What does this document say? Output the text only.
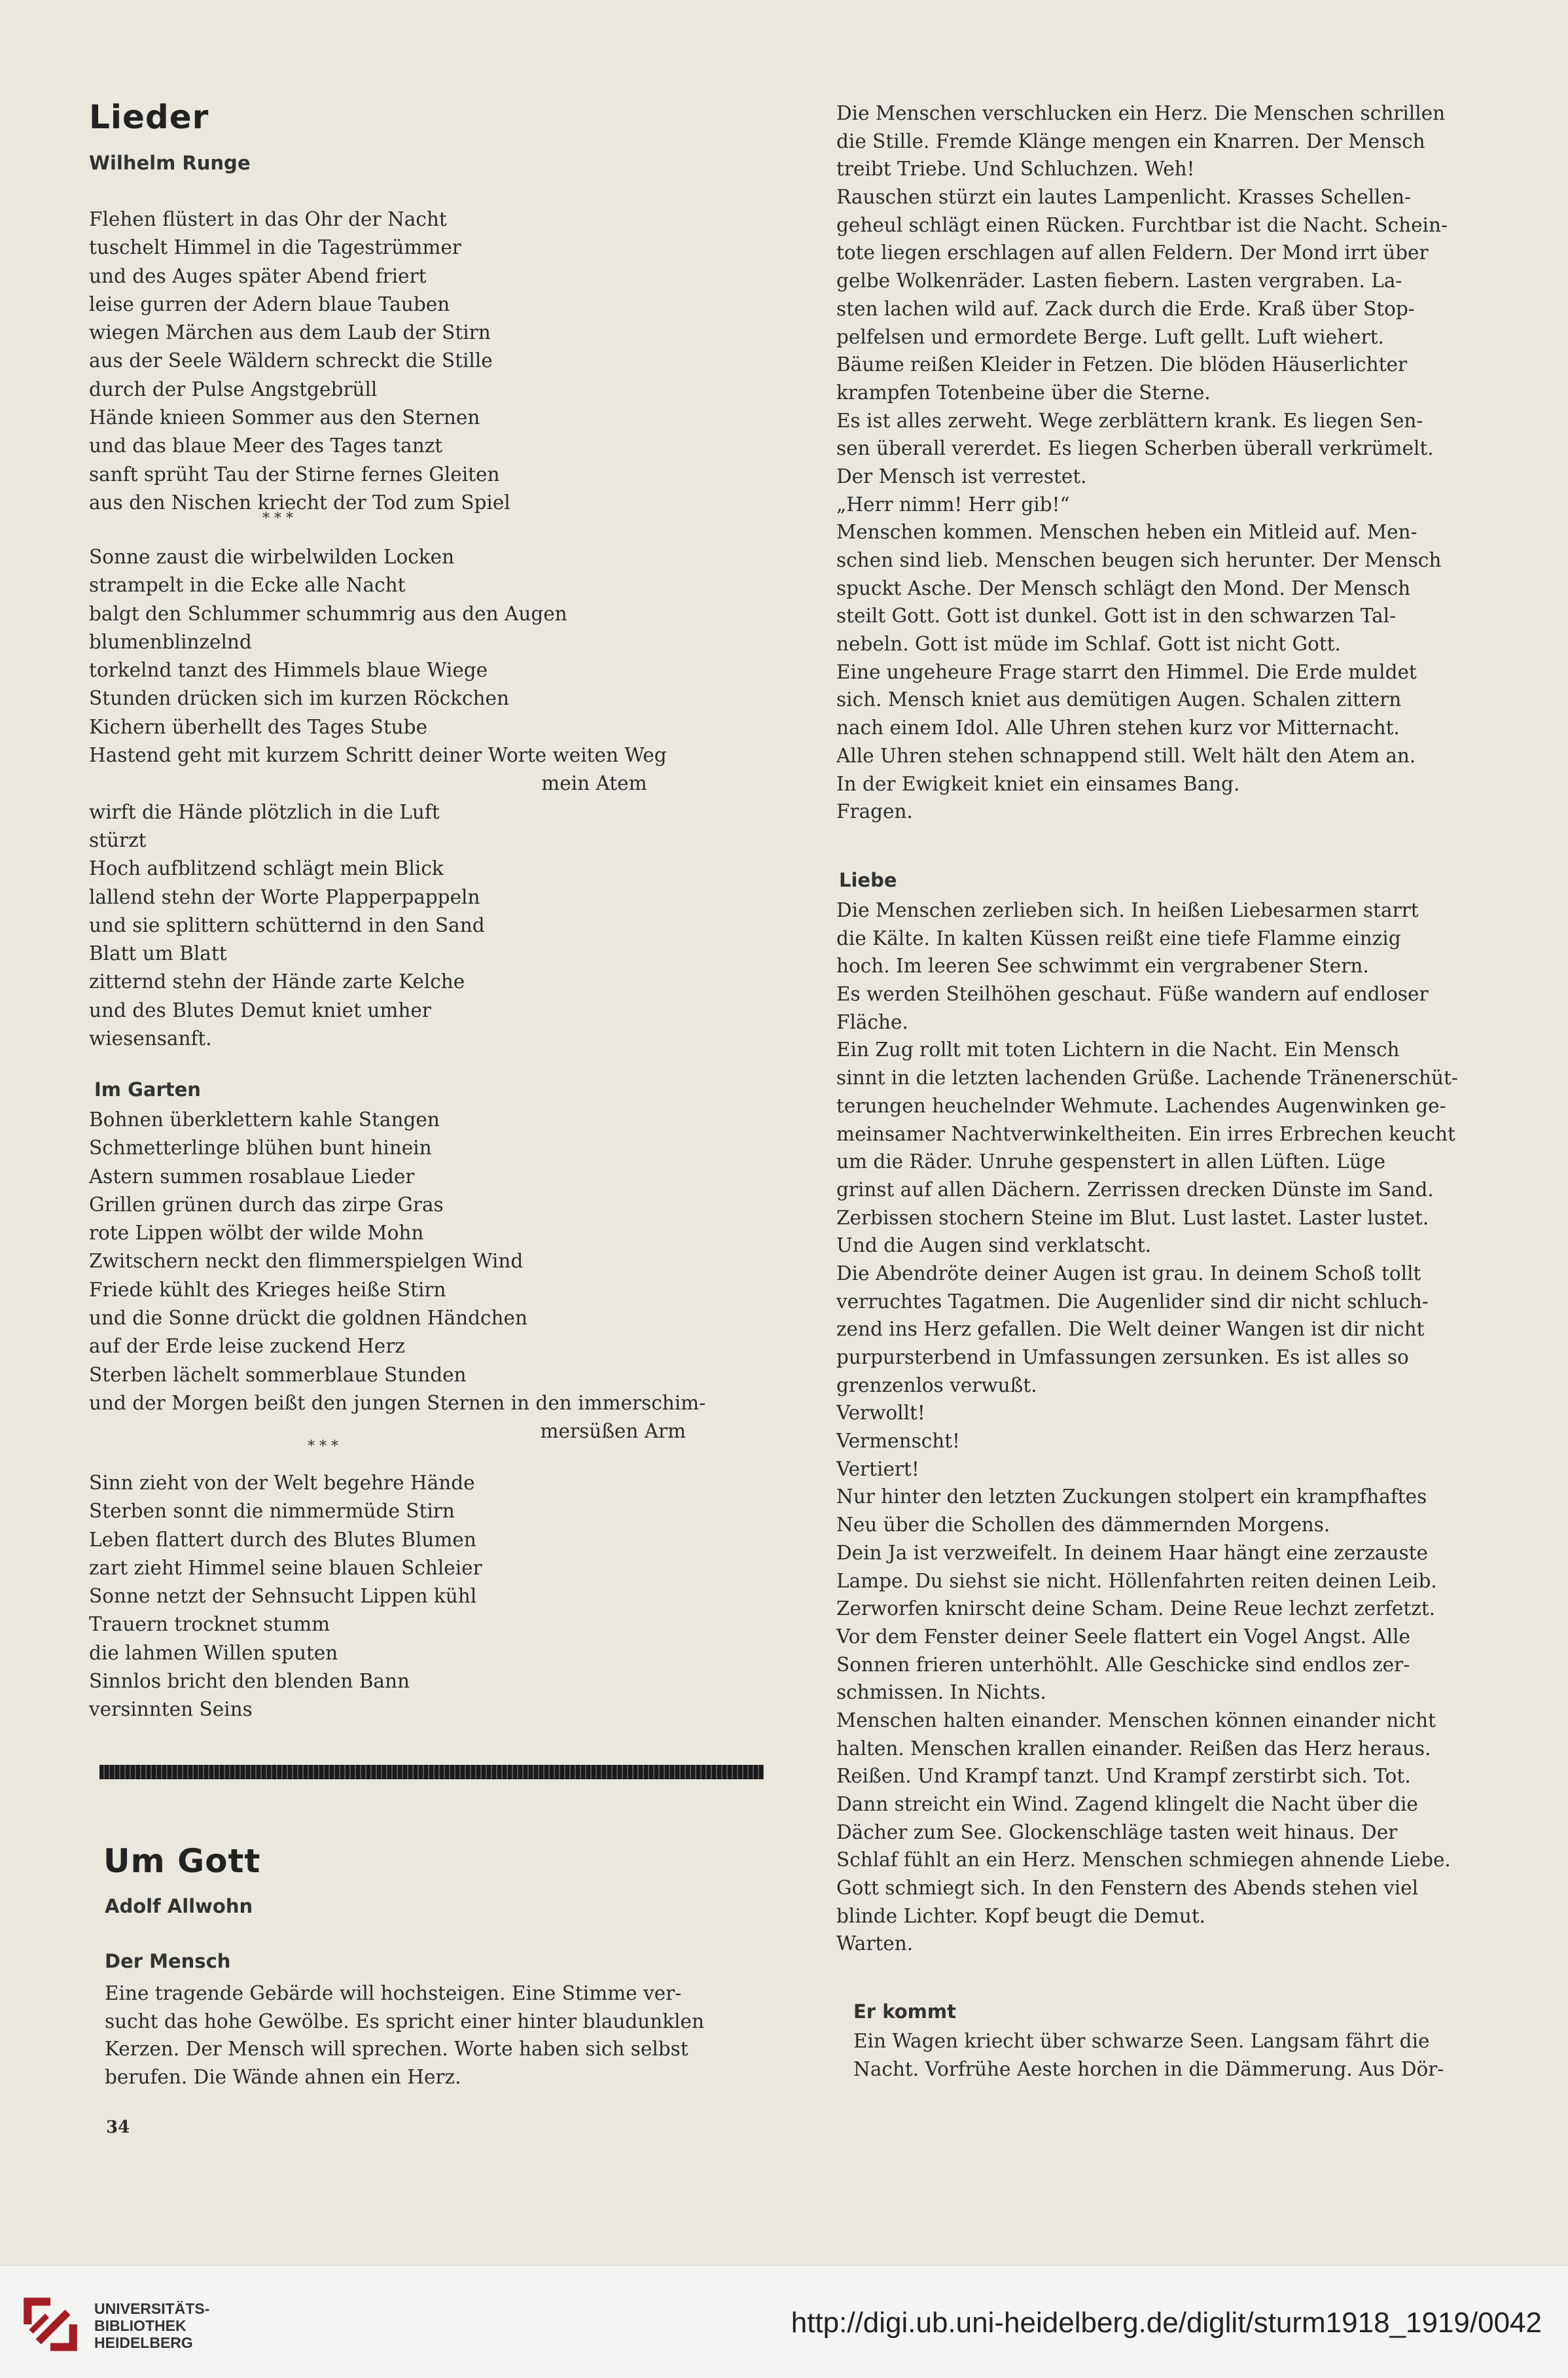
Lieder
Wilhelm Runge
Flehen flüstert in das Ohr der Nacht
tuschelt Himmel in die Tagestrümmer
und des Auges später Abend friert
leise gurren der Adern blaue Tauben
wiegen Märchen aus dem Laub der Stirn
aus der Seele Wäldern schreckt die Stille
durch der Pulse Angstgebrüll
Hände knieen Sommer aus den Sternen
und das blaue Meer des Tages tanzt
sanft sprüht Tau der Stirne fernes Gleiten
aus den Nischen kriecht der Tod zum Spiel
* * *
Sonne zaust die wirbelwilden Locken
strampelt in die Ecke alle Nacht
balgt den Schlummer schummrig aus den Augen
blumenblinzelnd
torkelnd tanzt des Himmels blaue Wiege
Stunden drücken sich im kurzen Röckchen
Kichern überhellt des Tages Stube
Hastend geht mit kurzem Schritt deiner Worte weiten Weg
mein Atem
wirft die Hände plötzlich in die Luft
stürzt
Hoch aufblitzend schlägt mein Blick
lallend stehn der Worte Plapperpappeln
und sie splittern schütternd in den Sand
Blatt um Blatt
zitternd stehn der Hände zarte Kelche
und des Blutes Demut kniet umher
wiesensanft.
Im Garten
Bohnen überklettern kahle Stangen
Schmetterlinge blühen bunt hinein
Astern summen rosablaue Lieder
Grillen grünen durch das zirpe Gras
rote Lippen wölbt der wilde Mohn
Zwitschern neckt den flimmerspielgen Wind
Friede kühlt des Krieges heiße Stirn
und die Sonne drückt die goldnen Händchen
auf der Erde leise zuckend Herz
Sterben lächelt sommerblaue Stunden
und der Morgen beißt den jungen Sternen in den immerschim-
mersüßen Arm
* * *
Sinn zieht von der Welt begehre Hände
Sterben sonnt die nimmermüde Stirn
Leben flattert durch des Blutes Blumen
zart zieht Himmel seine blauen Schleier
Sonne netzt der Sehnsucht Lippen kühl
Trauern trocknet stumm
die lahmen Willen sputen
Sinnlos bricht den blenden Bann
versinnten Seins
Um Gott
Adolf Allwohn
Der Mensch
Eine tragende Gebärde will hochsteigen. Eine Stimme ver-
sucht das hohe Gewölbe. Es spricht einer hinter blaudunklen
Kerzen. Der Mensch will sprechen. Worte haben sich selbst
berufen. Die Wände ahnen ein Herz.
34
Die Menschen verschlucken ein Herz. Die Menschen schrillen
die Stille. Fremde Klänge mengen ein Knarren. Der Mensch
treibt Triebe. Und Schluchzen. Weh!
Rauschen stürzt ein lautes Lampenlicht. Krasses Schellen-
geheul schlägt einen Rücken. Furchtbar ist die Nacht. Schein-
tote liegen erschlagen auf allen Feldern. Der Mond irrt über
gelbe Wolkenräder. Lasten fiebern. Lasten vergraben. La-
sten lachen wild auf. Zack durch die Erde. Kraß über Stop-
pelfelsen und ermordete Berge. Luft gellt. Luft wiehert.
Bäume reißen Kleider in Fetzen. Die blöden Häuserlichter
krampfen Totenbeine über die Sterne.
Es ist alles zerweht. Wege zerblättern krank. Es liegen Sen-
sen überall vererdet. Es liegen Scherben überall verkrümelt.
Der Mensch ist verrestet.
„Herr nimm! Herr gib!“
Menschen kommen. Menschen heben ein Mitleid auf. Men-
schen sind lieb. Menschen beugen sich herunter. Der Mensch
spuckt Asche. Der Mensch schlägt den Mond. Der Mensch
steilt Gott. Gott ist dunkel. Gott ist in den schwarzen Tal-
nebeln. Gott ist müde im Schlaf. Gott ist nicht Gott.
Eine ungeheure Frage starrt den Himmel. Die Erde muldet
sich. Mensch kniet aus demütigen Augen. Schalen zittern
nach einem Idol. Alle Uhren stehen kurz vor Mitternacht.
Alle Uhren stehen schnappend still. Welt hält den Atem an.
In der Ewigkeit kniet ein einsames Bang.
Fragen.
Liebe
Die Menschen zerlieben sich. In heißen Liebesarmen starrt
die Kälte. In kalten Küssen reißt eine tiefe Flamme einzig
hoch. Im leeren See schwimmt ein vergrabener Stern.
Es werden Steilhöhen geschaut. Füße wandern auf endloser
Fläche.
Ein Zug rollt mit toten Lichtern in die Nacht. Ein Mensch
sinnt in die letzten lachenden Grüße. Lachende Tränenerschüt-
terungen heuchelnder Wehmute. Lachendes Augenwinken ge-
meinsamer Nachtverwinkeltheiten. Ein irres Erbrechen keucht
um die Räder. Unruhe gespenstert in allen Lüften. Lüge
grinst auf allen Dächern. Zerrissen drecken Dünste im Sand.
Zerbissen stochern Steine im Blut. Lust lastet. Laster lustet.
Und die Augen sind verklatscht.
Die Abendröte deiner Augen ist grau. In deinem Schoß tollt
verruchtes Tagatmen. Die Augenlider sind dir nicht schluch-
zend ins Herz gefallen. Die Welt deiner Wangen ist dir nicht
purpursterbend in Umfassungen zersunken. Es ist alles so
grenzenlos verwußt.
Verwollt!
Vermenscht!
Vertiert!
Nur hinter den letzten Zuckungen stolpert ein krampfhaftes
Neu über die Schollen des dämmernden Morgens.
Dein Ja ist verzweifelt. In deinem Haar hängt eine zerzauste
Lampe. Du siehst sie nicht. Höllenfahrten reiten deinen Leib.
Zerworfen knirscht deine Scham. Deine Reue lechzt zerfetzt.
Vor dem Fenster deiner Seele flattert ein Vogel Angst. Alle
Sonnen frieren unterhöhlt. Alle Geschicke sind endlos zer-
schmissen. In Nichts.
Menschen halten einander. Menschen können einander nicht
halten. Menschen krallen einander. Reißen das Herz heraus.
Reißen. Und Krampf tanzt. Und Krampf zerstirbt sich. Tot.
Dann streicht ein Wind. Zagend klingelt die Nacht über die
Dächer zum See. Glockenschläge tasten weit hinaus. Der
Schlaf fühlt an ein Herz. Menschen schmiegen ahnende Liebe.
Gott schmiegt sich. In den Fenstern des Abends stehen viel
blinde Lichter. Kopf beugt die Demut.
Warten.
Er kommt
Ein Wagen kriecht über schwarze Seen. Langsam fährt die
Nacht. Vorfrühe Aeste horchen in die Dämmerung. Aus Dör-
UNIVERSITÄTS-
BIBLIOTHEK
HEIDELBERG
http://digi.ub.uni-heidelberg.de/diglit/sturm1918_1919/0042
